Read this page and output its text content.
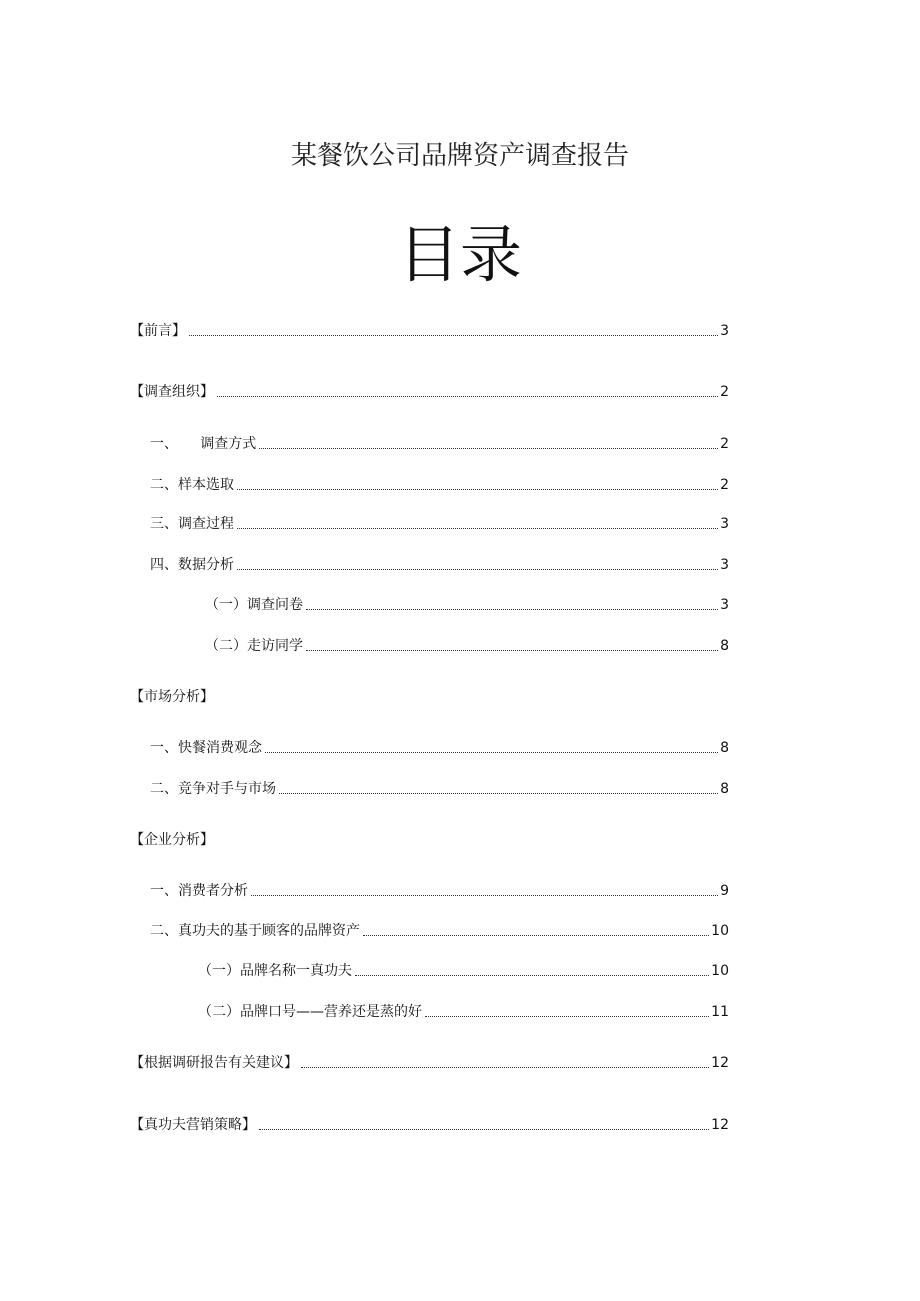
某餐饮公司品牌资产调查报告
目录
【前言】	3
【调查组织】	2
一、     调查方式	2
二、样本选取	2
三、调查过程	3
四、数据分析	3
（一）调查问卷	3
（二）走访同学	8
【市场分析】
一、快餐消费观念	8
二、竞争对手与市场	8
【企业分析】
一、消费者分析	9
二、真功夫的基于顾客的品牌资产	10
（一）品牌名称一真功夫	10
（二）品牌口号——营养还是蒸的好	11
【根据调研报告有关建议】	12
【真功夫营销策略】	12
